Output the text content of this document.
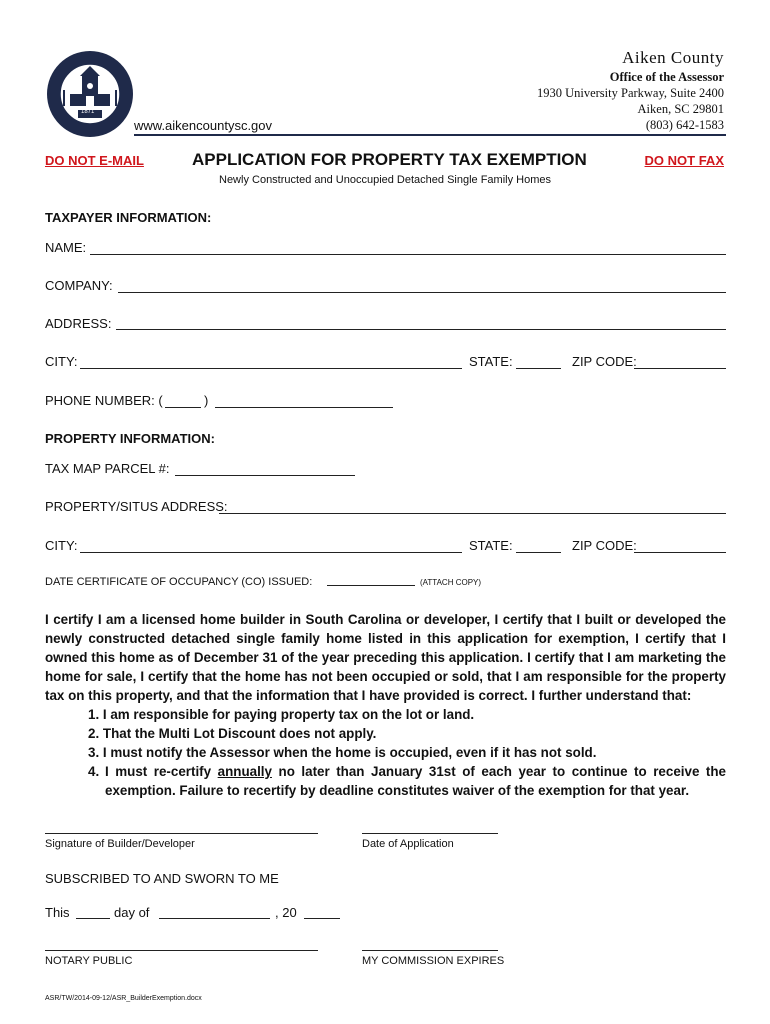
1871
Aiken County
Office of the Assessor
1930 University Parkway, Suite 2400
Aiken, SC 29801
(803) 642-1583
www.aikencountysc.gov
DO NOT E-MAIL	APPLICATION FOR PROPERTY TAX EXEMPTION	DO NOT FAX
Newly Constructed and Unoccupied Detached Single Family Homes
TAXPAYER INFORMATION:
NAME:
COMPANY:
ADDRESS:
CITY:	STATE:	ZIP CODE:
PHONE NUMBER: (	)
PROPERTY INFORMATION:
TAX MAP PARCEL #:
PROPERTY/SITUS ADDRESS:
CITY:	STATE:	ZIP CODE:
DATE CERTIFICATE OF OCCUPANCY (CO) ISSUED:	(ATTACH COPY)
I certify I am a licensed home builder in South Carolina or developer, I certify that I built or developed the newly constructed detached single family home listed in this application for exemption, I certify that I owned this home as of December 31 of the year preceding this application. I certify that I am marketing the home for sale, I certify that the home has not been occupied or sold, that I am responsible for the property tax on this property, and that the information that I have provided is correct. I further understand that:
1. I am responsible for paying property tax on the lot or land.
2. That the Multi Lot Discount does not apply.
3. I must notify the Assessor when the home is occupied, even if it has not sold.
4. I must re-certify annually no later than January 31st of each year to continue to receive the
exemption. Failure to recertify by deadline constitutes waiver of the exemption for that year.
Signature of Builder/Developer	Date of Application
SUBSCRIBED TO AND SWORN TO ME
This	day of	, 20
NOTARY PUBLIC	MY COMMISSION EXPIRES
ASR/TW/2014-09-12/ASR_BuilderExemption.docx
